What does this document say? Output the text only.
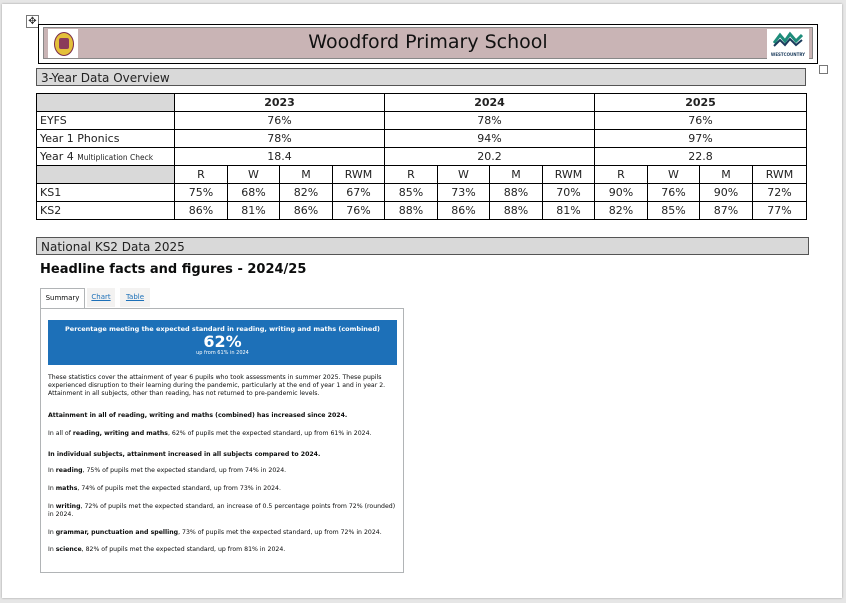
✥
Woodford Primary School
WESTCOUNTRY
3-Year Data Overview
	2023				2024				2025			
EYFS	76%				78%				76%			
Year 1 Phonics	78%				94%				97%			
Year 4 Multiplication Check	18.4				20.2				22.8			
	R	W	M	RWM	R	W	M	RWM	R	W	M	RWM
KS1	75%	68%	82%	67%	85%	73%	88%	70%	90%	76%	90%	72%
KS2	86%	81%	86%	76%	88%	86%	88%	81%	82%	85%	87%	77%
National KS2 Data 2025
Headline facts and figures - 2024/25
Summary	Chart	Table
Percentage meeting the expected standard in reading, writing and maths (combined)
62%
up from 61% in 2024
These statistics cover the attainment of year 6 pupils who took assessments in summer 2025. These pupils experienced disruption to their learning during the pandemic, particularly at the end of year 1 and in year 2. Attainment in all subjects, other than reading, has not returned to pre-pandemic levels.
Attainment in all of reading, writing and maths (combined) has increased since 2024.
In all of reading, writing and maths, 62% of pupils met the expected standard, up from 61% in 2024.
In individual subjects, attainment increased in all subjects compared to 2024.
In reading, 75% of pupils met the expected standard, up from 74% in 2024.
In maths, 74% of pupils met the expected standard, up from 73% in 2024.
In writing, 72% of pupils met the expected standard, an increase of 0.5 percentage points from 72% (rounded) in 2024.
In grammar, punctuation and spelling, 73% of pupils met the expected standard, up from 72% in 2024.
In science, 82% of pupils met the expected standard, up from 81% in 2024.
